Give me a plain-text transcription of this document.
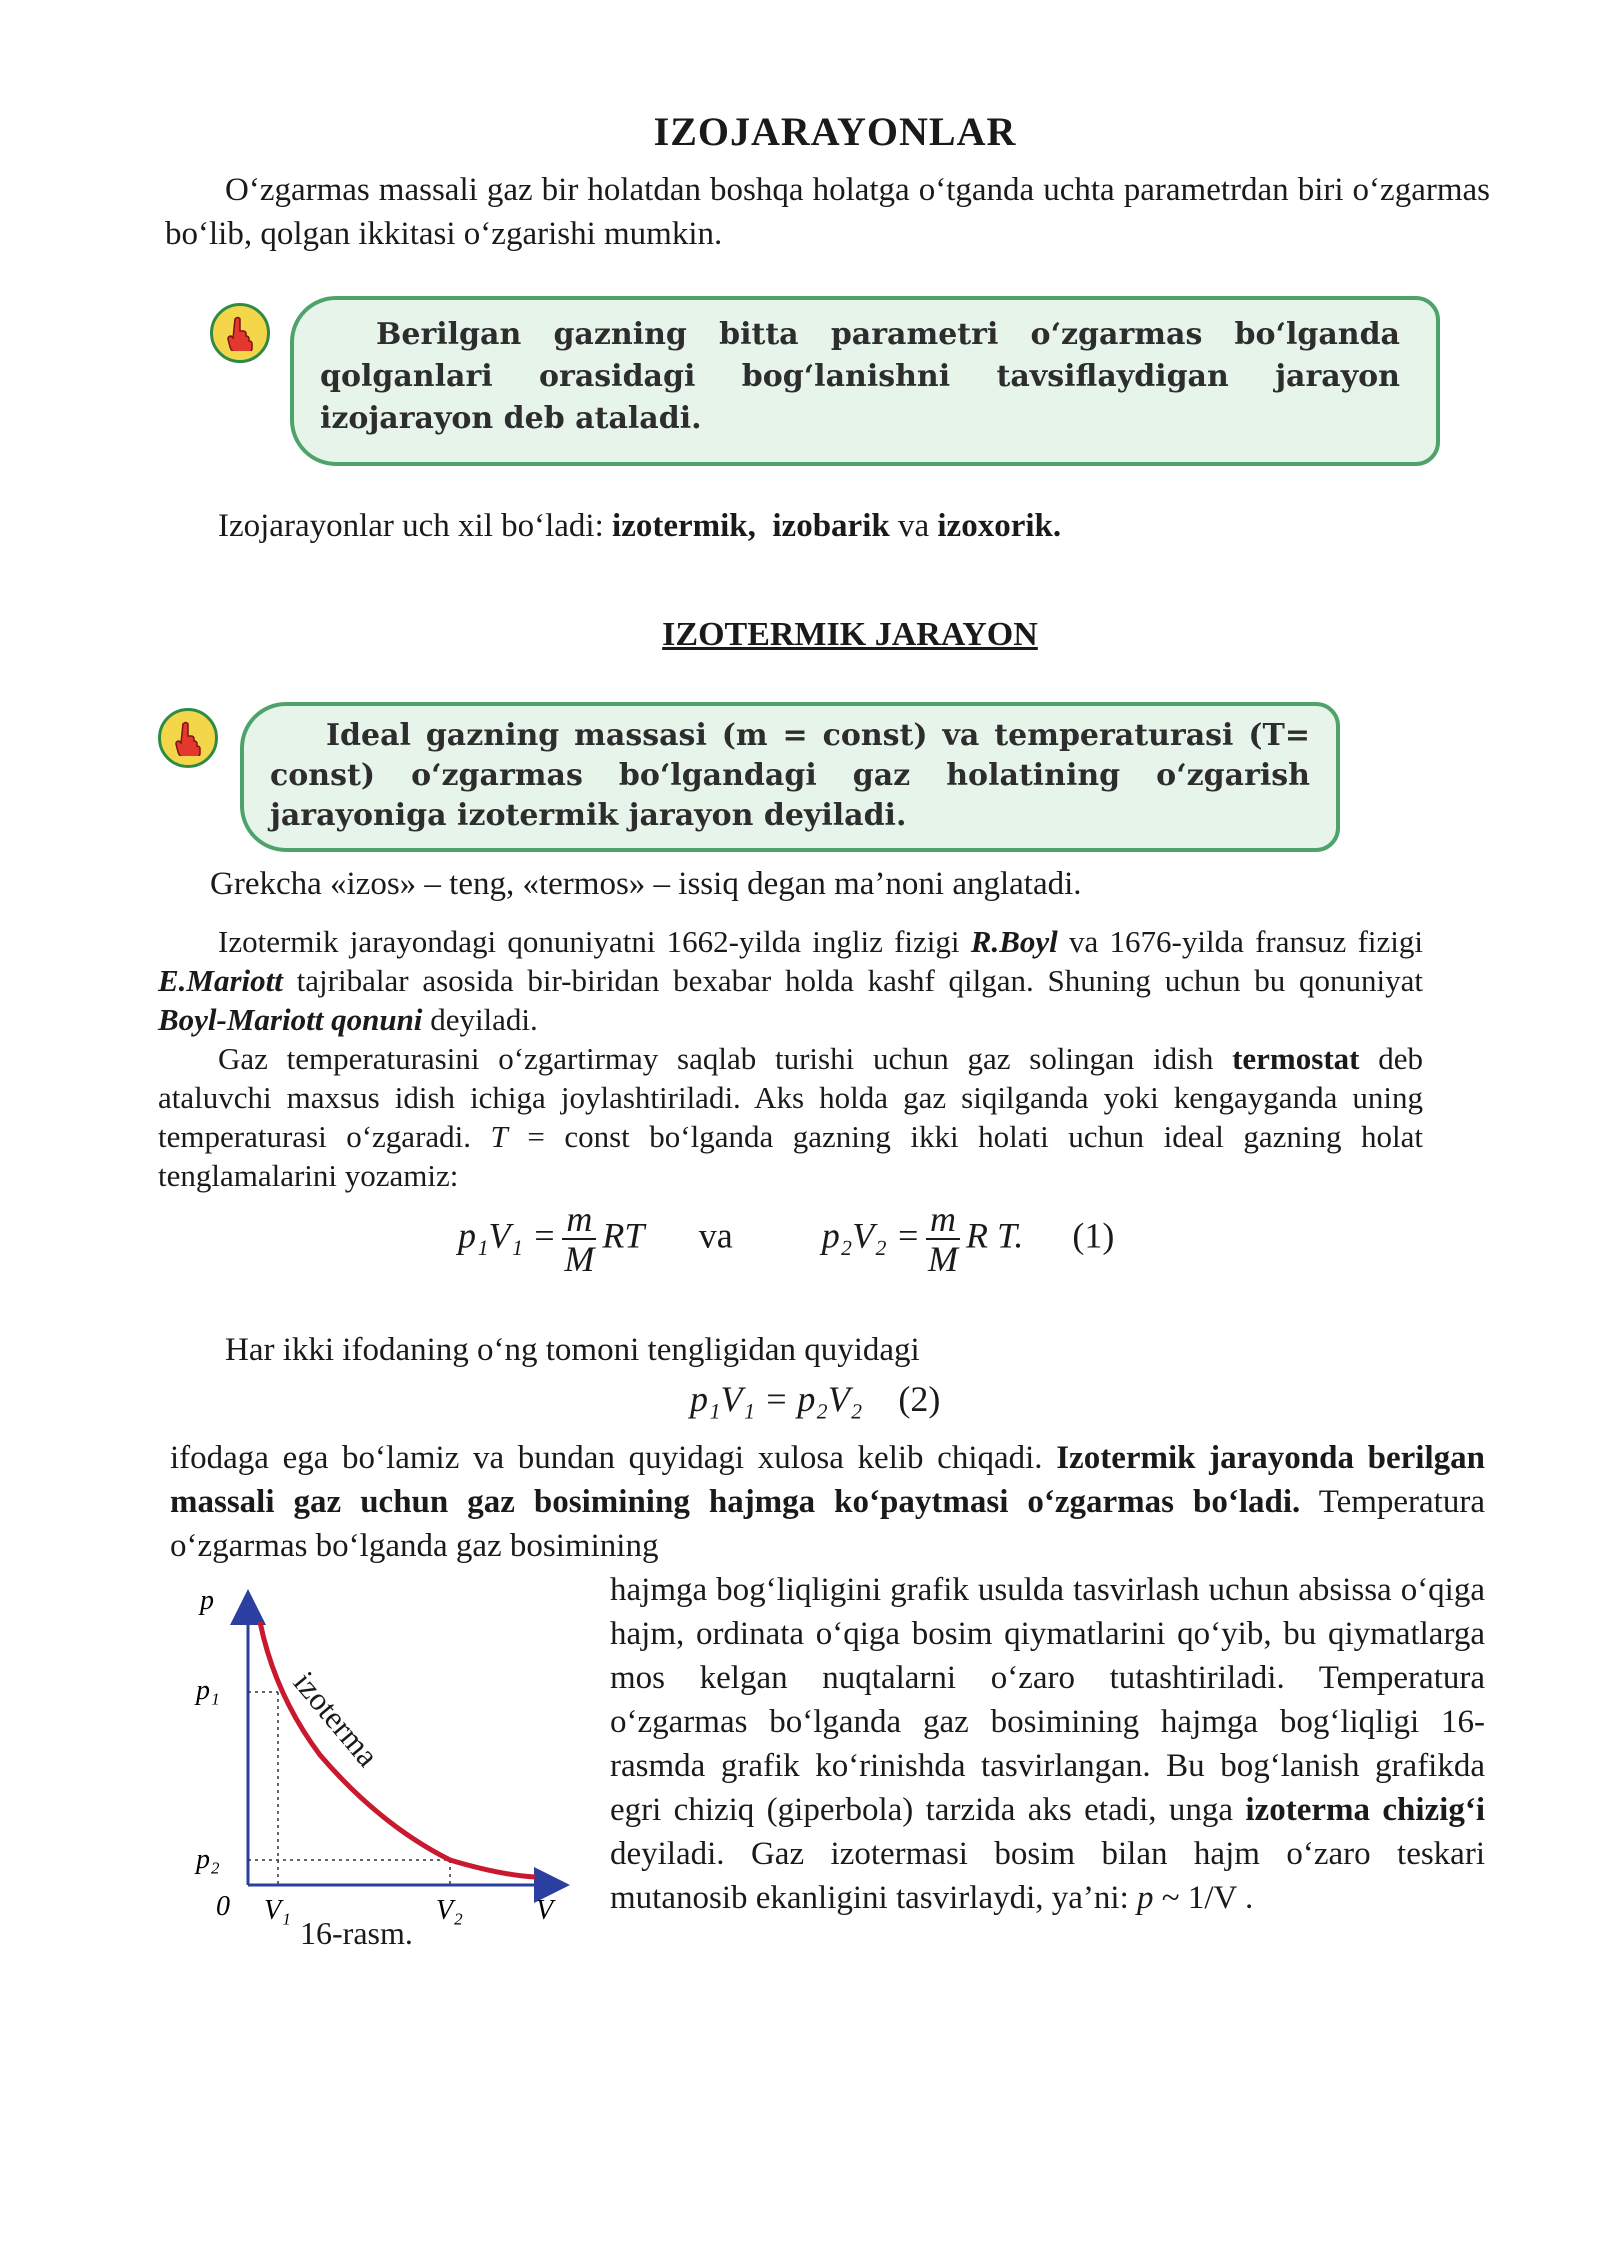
IZOJARAYONLAR
O‘zgarmas massali gaz bir holatdan boshqa holatga o‘tganda uchta parametrdan biri o‘zgarmas bo‘lib, qolgan ikkitasi o‘zgarishi mumkin.
Berilgan gazning bitta parametri o‘zgarmas bo‘lganda qolganlari orasidagi bog‘lanishni tavsiflaydigan jarayon izojarayon deb ataladi.
Izojarayonlar uch xil bo‘ladi: izotermik, izobarik va izoxorik.
IZOTERMIK JARAYON
Ideal gazning massasi (m = const) va temperaturasi (T= const) o‘zgarmas bo‘lgandagi gaz holatining o‘zgarish jarayoniga izotermik jarayon deyiladi.
Grekcha «izos» – teng, «termos» – issiq degan ma’noni anglatadi.
Izotermik jarayondagi qonuniyatni 1662-yilda ingliz fizigi R.Boyl va 1676-yilda fransuz fizigi E.Mariott tajribalar asosida bir-biridan bexabar holda kashf qilgan. Shuning uchun bu qonuniyat Boyl-Mariott qonuni deyiladi.
Gaz temperaturasini o‘zgartirmay saqlab turishi uchun gaz solingan idish termostat deb ataluvchi maxsus idish ichiga joylashtiriladi. Aks holda gaz siqilganda yoki kengayganda uning temperaturasi o‘zgaradi. T = const bo‘lganda gazning ikki holati uchun ideal gazning holat tenglamalarini yozamiz:
$p_1V_1 = \frac{m}{M}$ RT va $p_2V_2 = \frac{m}{M}$ R T. (1)
Har ikki ifodaning o‘ng tomoni tengligidan quyidagi
p₁V₁ = p₂V₂ (2)
ifodaga ega bo‘lamiz va bundan quyidagi xulosa kelib chiqadi. Izotermik jarayonda berilgan massali gaz uchun gaz bosimining hajmga ko‘paytmasi o‘zgarmas bo‘ladi. Temperatura o‘zgarmas bo‘lganda gaz bosimining
hajmga bog‘liqligini grafik usulda tasvirlash uchun absissa o‘qiga hajm, ordinata o‘qiga bosim qiymatlarini qo‘yib, bu qiymatlarga mos kelgan nuqtalarni o‘zaro tutashtiriladi. Temperatura o‘zgarmas bo‘lganda gaz bosimining hajmga bog‘liqligi 16-rasmda grafik ko‘rinishda tasvirlangan. Bu bog‘lanish grafikda egri chiziq (giperbola) tarzida aks etadi, unga izoterma chizig‘i deyiladi. Gaz izotermasi bosim bilan hajm o‘zaro teskari mutanosib ekanligini tasvirlaydi, ya’ni: p ~ 1/V .
izoterma
p
p₁
p₂
0 V₁	V₂	V
16-rasm.
